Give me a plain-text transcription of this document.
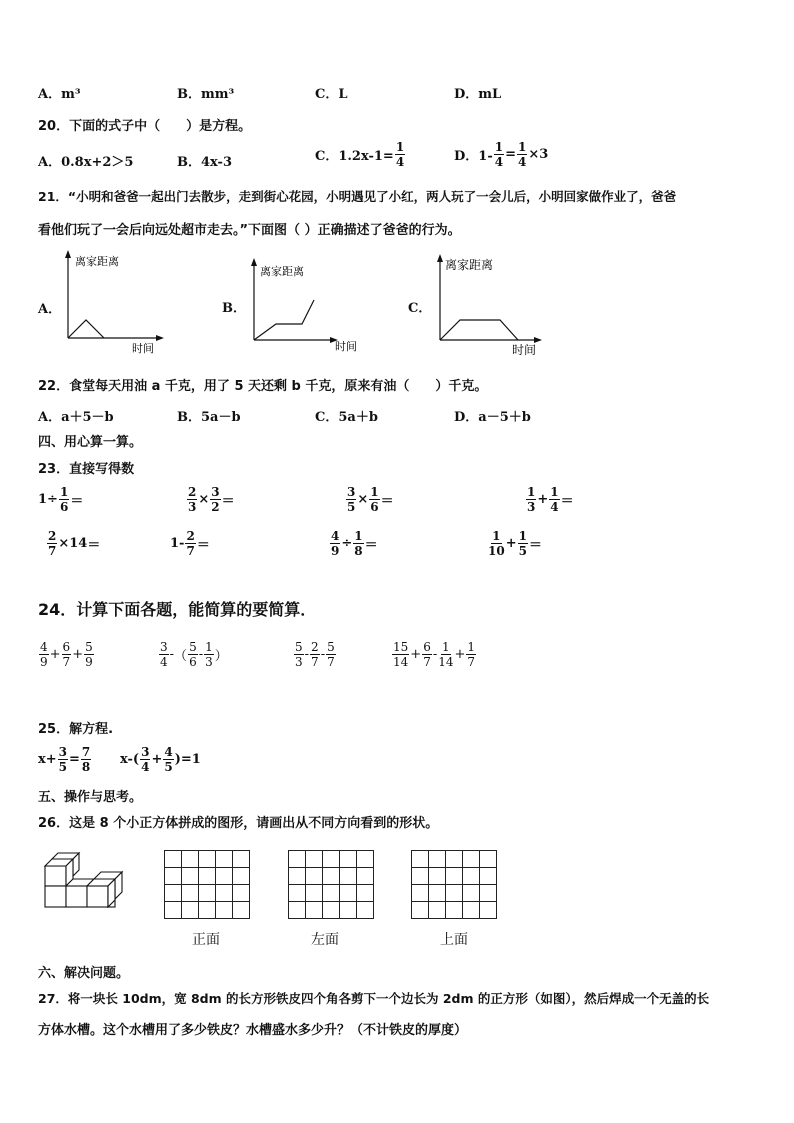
A．m³	B．mm³	C．L	D．mL
20．下面的式子中（　　）是方程。
A．0.8x+2＞5	B．4x-3	C．$1.2x-1= \frac{1}{4}$	D．$1- \frac{1}{4} = \frac{1}{4} \times 3$
21．“小明和爸爸一起出门去散步，走到街心花园，小明遇见了小红，两人玩了一会儿后，小明回家做作业了，爸爸
看他们玩了一会后向远处超市走去。”下面图（ ）正确描述了爸爸的行为。
A．	B．	C．
离家距离
时间
离家距离
时间
离家距离
时间
22．食堂每天用油 a 千克，用了 5 天还剩 b 千克，原来有油（　　）千克。
A．a＋5－b	B．5a－b	C．5a＋b	D．a－5＋b
四、用心算一算。
23．直接写得数
$1\div \frac{1}{6}$ ＝	$\frac{2}{3} \times \frac{3}{2}$ ＝	$\frac{3}{5} \times \frac{1}{6}$ ＝	$\frac{1}{3} + \frac{1}{4}$ ＝
$\frac{2}{7} \times 14$ ＝	$1- \frac{2}{7}$ ＝	$\frac{4}{9} \div \frac{1}{8}$ ＝	$\frac{1}{10} + \frac{1}{5}$ ＝
24．计算下面各题，能简算的要简算．
$\frac{4}{9} + \frac{6}{7} + \frac{5}{9}$	$\frac{3}{4}$ - （ $\frac{5}{6} - \frac{1}{3}$ ）	$\frac{5}{3} - \frac{2}{7} - \frac{5}{7}$	$\frac{15}{14} + \frac{6}{7} - \frac{1}{14} + \frac{1}{7}$
25．解方程.
$x+ \frac{3}{5} = \frac{7}{8} x-( \frac{3}{4} + \frac{4}{5} )=1$
五、操作与思考。
26．这是 8 个小正方体拼成的图形，请画出从不同方向看到的形状。

正面	左面	上面
六、解决问题。
27．将一块长 10dm，宽 8dm 的长方形铁皮四个角各剪下一个边长为 2dm 的正方形（如图），然后焊成一个无盖的长
方体水槽。这个水槽用了多少铁皮？水槽盛水多少升？（不计铁皮的厚度）
